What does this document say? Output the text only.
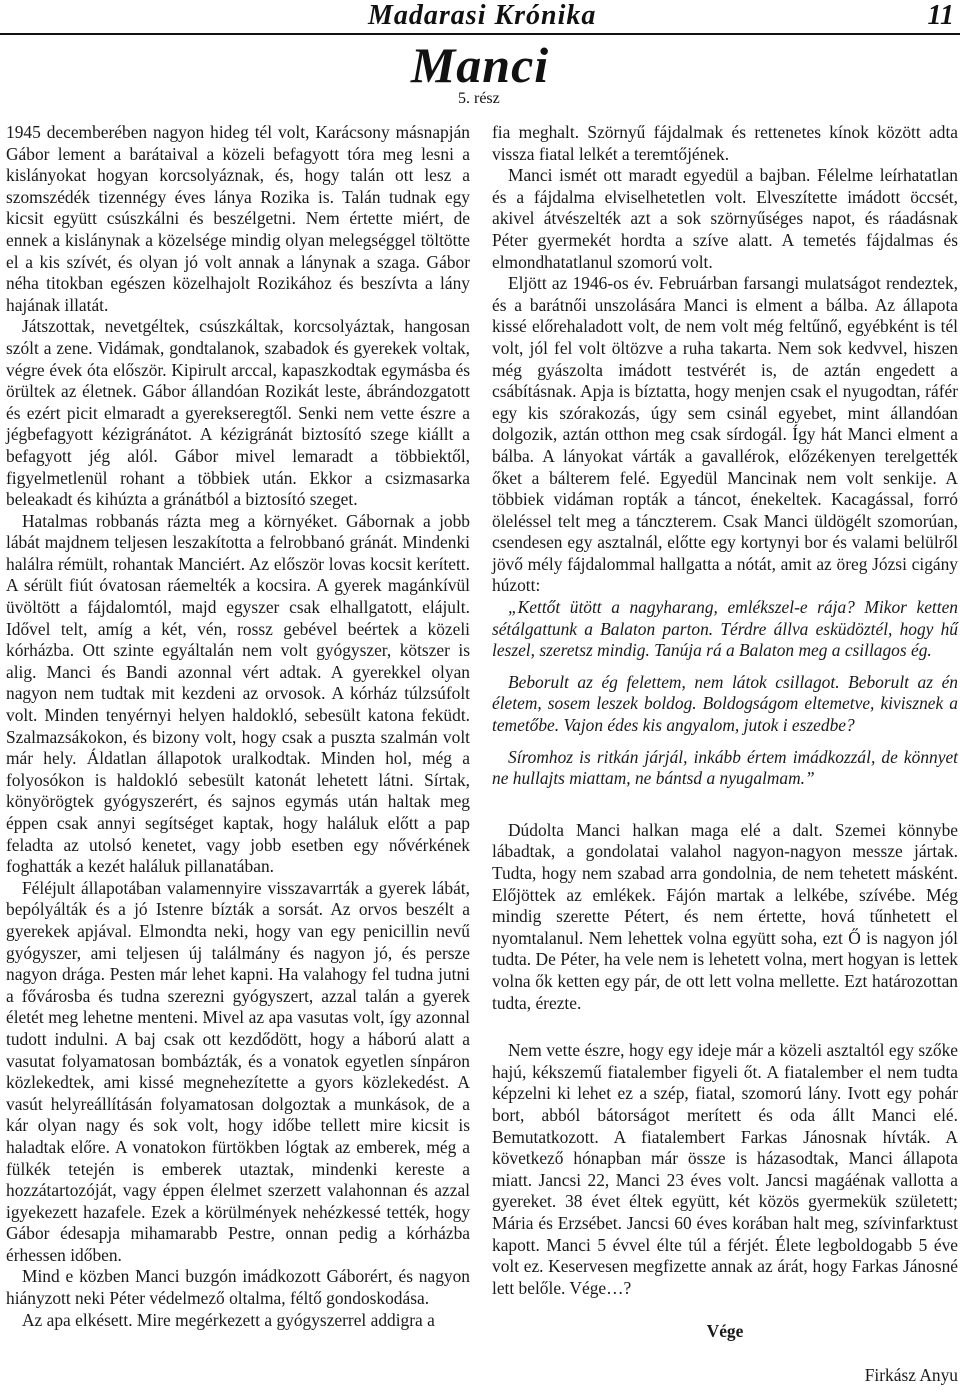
Madarasi Krónika	11
Manci
5. rész

1945 decemberében nagyon hideg tél volt, Karácsony másnapján Gábor lement a barátaival a közeli befagyott tóra meg lesni a kislányokat hogyan korcsolyáznak, és, hogy talán ott lesz a szomszédék tizennégy éves lánya Rozika is. Talán tudnak egy kicsit együtt csúszkálni és beszélgetni. Nem értette miért, de ennek a kislánynak a közelsége mindig olyan melegséggel töltötte el a kis szívét, és olyan jó volt annak a lánynak a szaga. Gábor néha titokban egészen közelhajolt Rozikához és beszívta a lány hajának illatát.

Játszottak, nevetgéltek, csúszkáltak, korcsolyáztak, hangosan szólt a zene. Vidámak, gondtalanok, szabadok és gyerekek voltak, végre évek óta először. Kipirult arccal, kapaszkodtak egymásba és örültek az életnek. Gábor állandóan Rozikát leste, ábrándozgatott és ezért picit elmaradt a gyerekseregtől. Senki nem vette észre a jégbefagyott kézigránátot. A kézigránát biztosító szege kiállt a befagyott jég alól. Gábor mivel lemaradt a többiektől, figyelmetlenül rohant a többiek után. Ekkor a csizmasarka beleakadt és kihúzta a gránátból a biztosító szeget.

Hatalmas robbanás rázta meg a környéket. Gábornak a jobb lábát majdnem teljesen leszakította a felrobbanó gránát. Mindenki halálra rémült, rohantak Manciért. Az először lovas kocsit kerített. A sérült fiút óvatosan ráemelték a kocsira. A gyerek magánkívül üvöltött a fájdalomtól, majd egyszer csak elhallgatott, elájult. Idővel telt, amíg a két, vén, rossz gebével beértek a közeli kórházba. Ott szinte egyáltalán nem volt gyógyszer, kötszer is alig. Manci és Bandi azonnal vért adtak. A gyerekkel olyan nagyon nem tudtak mit kezdeni az orvosok. A kórház túlzsúfolt volt. Minden tenyérnyi helyen haldokló, sebesült katona feküdt. Szalmazsákokon, és bizony volt, hogy csak a puszta szalmán volt már hely. Áldatlan állapotok uralkodtak. Minden hol, még a folyosókon is haldokló sebesült katonát lehetett látni. Sírtak, könyörögtek gyógyszerért, és sajnos egymás után haltak meg éppen csak annyi segítséget kaptak, hogy haláluk előtt a pap feladta az utolsó kenetet, vagy jobb esetben egy nővérkének foghatták a kezét haláluk pillanatában.

Féléjult állapotában valamennyire visszavarrták a gyerek lábát, bepólyálták és a jó Istenre bízták a sorsát. Az orvos beszélt a gyerekek apjával. Elmondta neki, hogy van egy penicillin nevű gyógyszer, ami teljesen új találmány és nagyon jó, és persze nagyon drága. Pesten már lehet kapni. Ha valahogy fel tudna jutni a fővárosba és tudna szerezni gyógyszert, azzal talán a gyerek életét meg lehetne menteni. Mivel az apa vasutas volt, így azonnal tudott indulni. A baj csak ott kezdődött, hogy a háború alatt a vasutat folyamatosan bombázták, és a vonatok egyetlen sínpáron közlekedtek, ami kissé megnehezítette a gyors közlekedést. A vasút helyreállításán folyamatosan dolgoztak a munkások, de a kár olyan nagy és sok volt, hogy időbe tellett mire kicsit is haladtak előre. A vonatokon fürtökben lógtak az emberek, még a fülkék tetején is emberek utaztak, mindenki kereste a hozzátartozóját, vagy éppen élelmet szerzett valahonnan és azzal igyekezett hazafele. Ezek a körülmények nehézkessé tették, hogy Gábor édesapja mihamarabb Pestre, onnan pedig a kórházba érhessen időben.

Mind e közben Manci buzgón imádkozott Gáborért, és nagyon hiányzott neki Péter védelmező oltalma, féltő gondoskodása.

Az apa elkésett. Mire megérkezett a gyógyszerrel addigra a

fia meghalt. Szörnyű fájdalmak és rettenetes kínok között adta vissza fiatal lelkét a teremtőjének.

Manci ismét ott maradt egyedül a bajban. Félelme leírhatatlan és a fájdalma elviselhetetlen volt. Elveszítette imádott öccsét, akivel átvészelték azt a sok szörnyűséges napot, és ráadásnak Péter gyermekét hordta a szíve alatt. A temetés fájdalmas és elmondhatatlanul szomorú volt.

Eljött az 1946-os év. Februárban farsangi mulatságot rendeztek, és a barátnői unszolására Manci is elment a bálba. Az állapota kissé előrehaladott volt, de nem volt még feltűnő, egyébként is tél volt, jól fel volt öltözve a ruha takarta. Nem sok kedvvel, hiszen még gyászolta imádott testvérét is, de aztán engedett a csábításnak. Apja is bíztatta, hogy menjen csak el nyugodtan, ráfér egy kis szórakozás, úgy sem csinál egyebet, mint állandóan dolgozik, aztán otthon meg csak sírdogál. Így hát Manci elment a bálba. A lányokat várták a gavallérok, előzékenyen terelgették őket a bálterem felé. Egyedül Mancinak nem volt senkije. A többiek vidáman ropták a táncot, énekeltek. Kacagással, forró öleléssel telt meg a tánczterem. Csak Manci üldögélt szomorúan, csendesen egy asztalnál, előtte egy kortynyi bor és valami belülről jövő mély fájdalommal hallgatta a nótát, amit az öreg Józsi cigány húzott:

„Kettőt ütött a nagyharang, emlékszel-e rája? Mikor ketten sétálgattunk a Balaton parton. Térdre állva esküdöztél, hogy hű leszel, szeretsz mindig. Tanúja rá a Balaton meg a csillagos ég.

Beborult az ég felettem, nem látok csillagot. Beborult az én életem, sosem leszek boldog. Boldogságom eltemetve, kivisznek a temetőbe. Vajon édes kis angyalom, jutok i eszedbe?

Síromhoz is ritkán járjál, inkább értem imádkozzál, de könnyet ne hullajts miattam, ne bántsd a nyugalmam.”

Dúdolta Manci halkan maga elé a dalt. Szemei könnybe lábadtak, a gondolatai valahol nagyon-nagyon messze jártak. Tudta, hogy nem szabad arra gondolnia, de nem tehetett másként. Előjöttek az emlékek. Fájón martak a lelkébe, szívébe. Még mindig szerette Pétert, és nem értette, hová tűnhetett el nyomtalanul. Nem lehettek volna együtt soha, ezt Ő is nagyon jól tudta. De Péter, ha vele nem is lehetett volna, mert hogyan is lettek volna ők ketten egy pár, de ott lett volna mellette. Ezt határozottan tudta, érezte.

Nem vette észre, hogy egy ideje már a közeli asztaltól egy szőke hajú, kékszemű fiatalember figyeli őt. A fiatalember el nem tudta képzelni ki lehet ez a szép, fiatal, szomorú lány. Ivott egy pohár bort, abból bátorságot merített és oda állt Manci elé. Bemutatkozott. A fiatalembert Farkas Jánosnak hívták. A következő hónapban már össze is házasodtak, Manci állapota miatt. Jancsi 22, Manci 23 éves volt. Jancsi magáénak vallotta a gyereket. 38 évet éltek együtt, két közös gyermekük született; Mária és Erzsébet. Jancsi 60 éves korában halt meg, szívinfarktust kapott. Manci 5 évvel élte túl a férjét. Élete legboldogabb 5 éve volt ez. Keservesen megfizette annak az árát, hogy Farkas Jánosné lett belőle. Vége…?

Vége
Firkász Anyu
